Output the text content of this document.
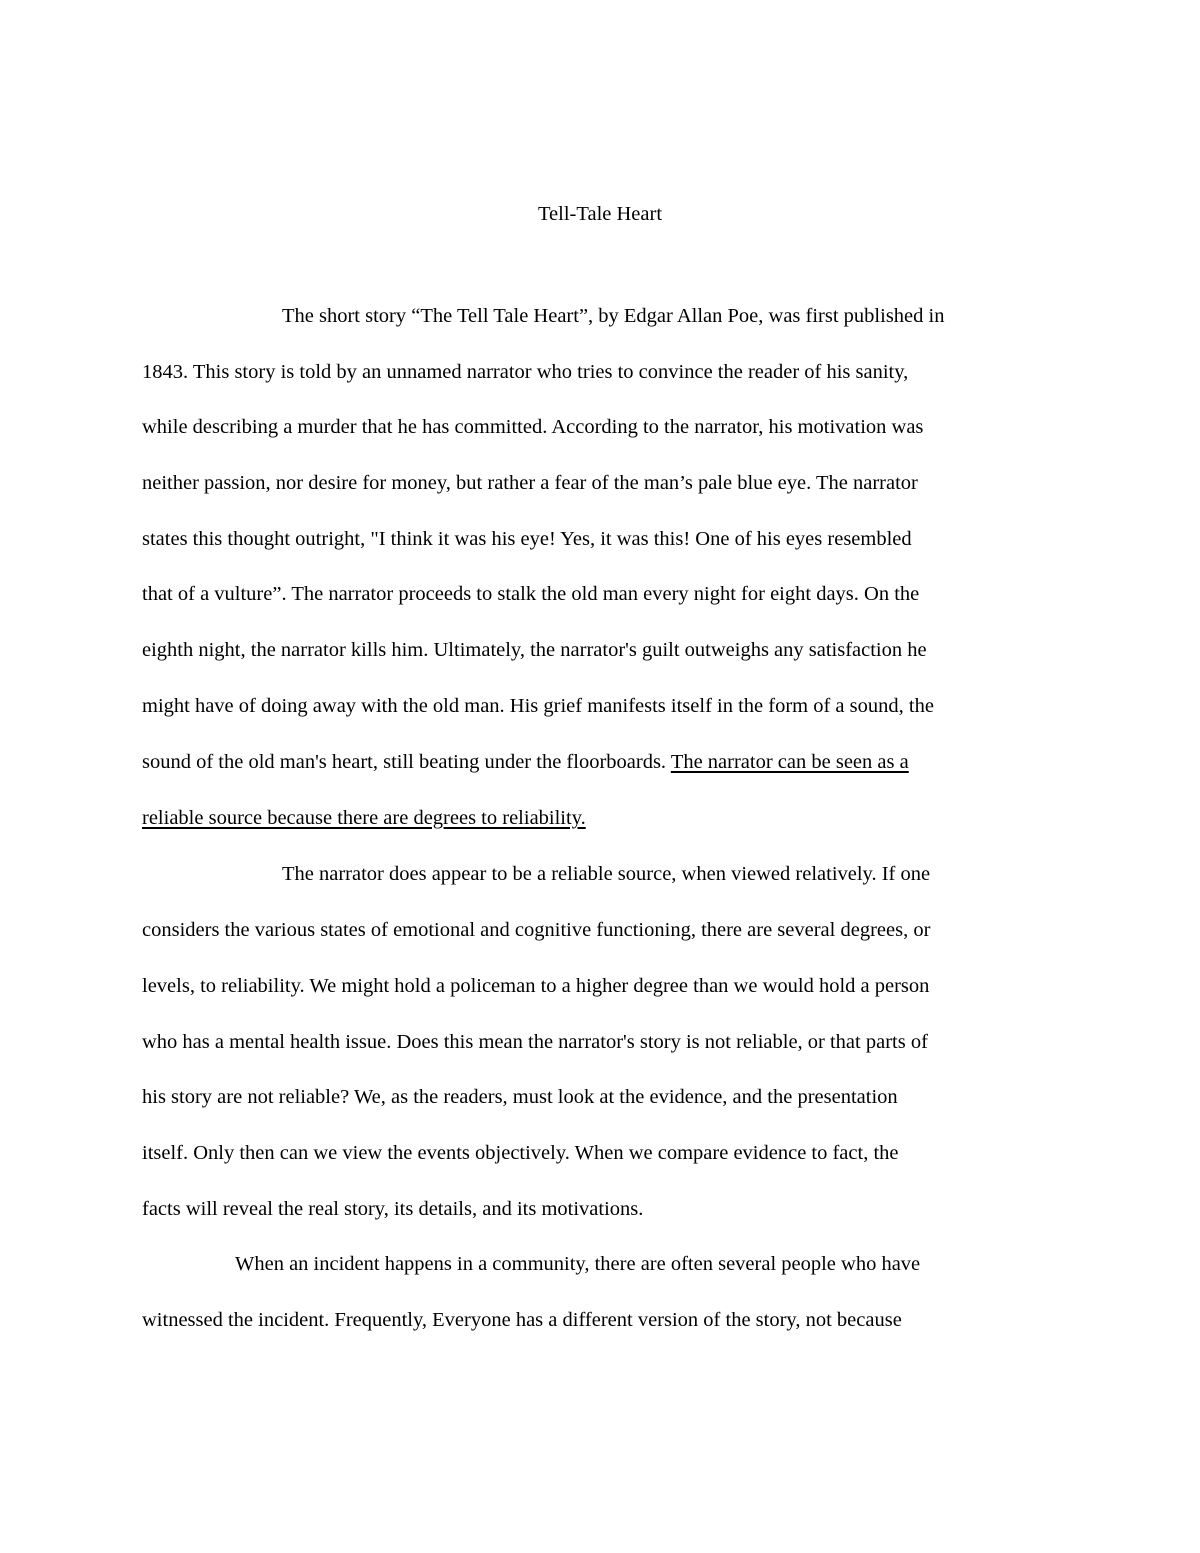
Tell-Tale Heart
The short story “The Tell Tale Heart”, by Edgar Allan Poe, was first published in
1843. This story is told by an unnamed narrator who tries to convince the reader of his sanity,
while describing a murder that he has committed. According to the narrator, his motivation was
neither passion, nor desire for money, but rather a fear of the man’s pale blue eye. The narrator
states this thought outright, "I think it was his eye! Yes, it was this! One of his eyes resembled
that of a vulture”. The narrator proceeds to stalk the old man every night for eight days. On the
eighth night, the narrator kills him. Ultimately, the narrator's guilt outweighs any satisfaction he
might have of doing away with the old man. His grief manifests itself in the form of a sound, the
sound of the old man's heart, still beating under the floorboards. The narrator can be seen as a
reliable source because there are degrees to reliability.
The narrator does appear to be a reliable source, when viewed relatively. If one
considers the various states of emotional and cognitive functioning, there are several degrees, or
levels, to reliability. We might hold a policeman to a higher degree than we would hold a person
who has a mental health issue. Does this mean the narrator's story is not reliable, or that parts of
his story are not reliable? We, as the readers, must look at the evidence, and the presentation
itself. Only then can we view the events objectively. When we compare evidence to fact, the
facts will reveal the real story, its details, and its motivations.
When an incident happens in a community, there are often several people who have
witnessed the incident. Frequently, Everyone has a different version of the story, not because
